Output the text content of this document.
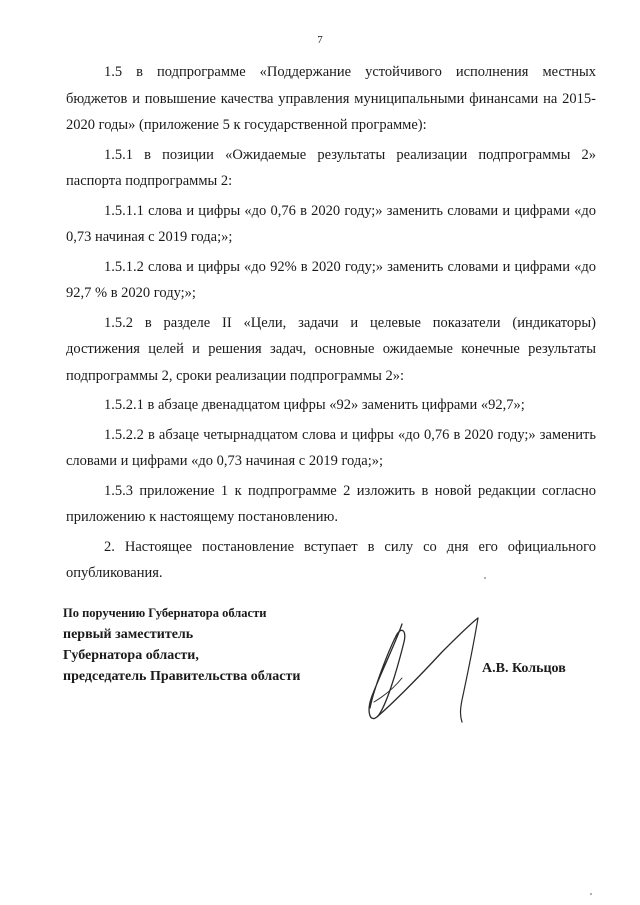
7

1.5 в подпрограмме «Поддержание устойчивого исполнения местных бюджетов и повышение качества управления муниципальными финансами на 2015-2020 годы» (приложение 5 к государственной программе):

1.5.1 в позиции «Ожидаемые результаты реализации подпрограммы 2» паспорта подпрограммы 2:

1.5.1.1 слова и цифры «до 0,76 в 2020 году;» заменить словами и цифрами «до 0,73 начиная с 2019 года;»;

1.5.1.2 слова и цифры «до 92% в 2020 году;» заменить словами и цифрами «до 92,7 % в 2020 году;»;

1.5.2 в разделе II «Цели, задачи и целевые показатели (индикаторы) достижения целей и решения задач, основные ожидаемые конечные результаты подпрограммы 2, сроки реализации подпрограммы 2»:

1.5.2.1 в абзаце двенадцатом цифры «92» заменить цифрами «92,7»;

1.5.2.2 в абзаце четырнадцатом слова и цифры «до 0,76 в 2020 году;» заменить словами и цифрами «до 0,73 начиная с 2019 года;»;

1.5.3 приложение 1 к подпрограмме 2 изложить в новой редакции согласно приложению к настоящему постановлению.

2. Настоящее постановление вступает в силу со дня его официального опубликования.

По поручению Губернатора области
первый заместитель
Губернатора области,
председатель Правительства области
А.В. Кольцов
